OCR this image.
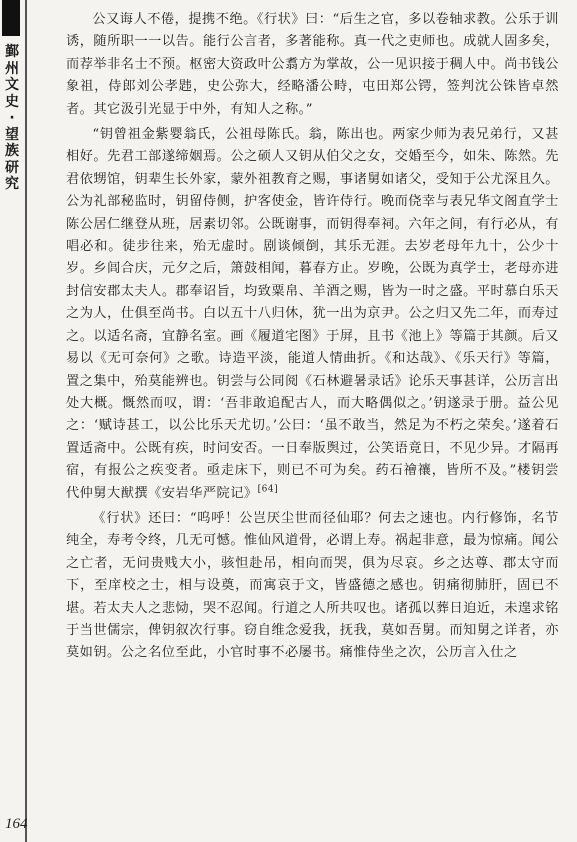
鄞州文史·望族研究
164

公又诲人不倦，提携不绝。《行状》曰：“后生之官，多以卷轴求教。公乐于训诱，随所职一一以告。能行公言者，多著能称。真一代之吏师也。成就人固多矣，而荐举非名士不预。枢密大资政叶公翥方为掌故，公一见识接于稠人中。尚书钱公象祖，侍郎刘公孝韪，史公弥大，经略潘公畤，屯田郑公锷，签判沈公铢皆卓然者。其它汲引光显于中外，有知人之称。”

“钥曾祖金紫婴翁氏，公祖母陈氏。翁，陈出也。两家少师为表兄弟行，又甚相好。先君工部遂缔姻焉。公之硕人又钥从伯父之女，交婚至今，如朱、陈然。先君依甥馆，钥辈生长外家，蒙外祖教育之赐，事诸舅如诸父，受知于公尤深且久。公为礼部秘监时，钥留侍侧，护客使金，皆许侍行。晚而侥幸与表兄华文阁直学士陈公居仁继登从班，居素切邻。公既谢事，而钥得奉祠。六年之间，有行必从，有唱必和。徒步往来，殆无虚时。剧谈倾倒，其乐无涯。去岁老母年九十，公少十岁。乡闾合庆，元夕之后，箫鼓相闻，暮春方止。岁晚，公既为真学士，老母亦进封信安郡太夫人。郡奉诏旨，均致粟帛、羊酒之赐，皆为一时之盛。平时慕白乐天之为人，仕俱至尚书。白以五十八归休，犹一出为京尹。公之归又先二年，而寿过之。以适名斋，宜静名室。画《履道宅图》于屏，且书《池上》等篇于其颜。后又易以《无可奈何》之歌。诗造平淡，能道人情曲折。《和达哉》、《乐天行》等篇，置之集中，殆莫能辨也。钥尝与公同阅《石林避暑录话》论乐天事甚详，公历言出处大概。慨然而叹，谓：‘吾非敢追配古人，而大略偶似之。’钥遂录于册。益公见之：‘赋诗甚工，以公比乐天尤切。’公曰：‘虽不敢当，然足为不朽之荣矣。’遂着石置适斋中。公既有疾，时问安否。一日奉版舆过，公笑语竟日，不见少异。才隔再宿，有报公之疾变者。亟走床下，则已不可为矣。药石禬禳，皆所不及。”楼钥尝代仲舅大猷撰《安岩华严院记》[64]

《行状》还曰：“呜呼！公岂厌尘世而径仙耶？何去之速也。内行修饰，名节纯全，寿考令终，几无可憾。惟仙风道骨，必谓上寿。祸起非意，最为惊痛。闻公之亡者，无问贵贱大小，骇怛赴吊，相向而哭，俱为尽哀。乡之达尊、郡太守而下，至庠校之士，相与设奠，而寓哀于文，皆盛德之感也。钥痛彻肺肝，固已不堪。若太夫人之悲恸，哭不忍闻。行道之人所共叹也。诸孤以葬日迫近，未遑求铭于当世儒宗，俾钥叙次行事。窃自维念爱我，抚我，莫如吾舅。而知舅之详者，亦莫如钥。公之名位至此，小官时事不必屡书。痛惟侍坐之次，公历言入仕之
